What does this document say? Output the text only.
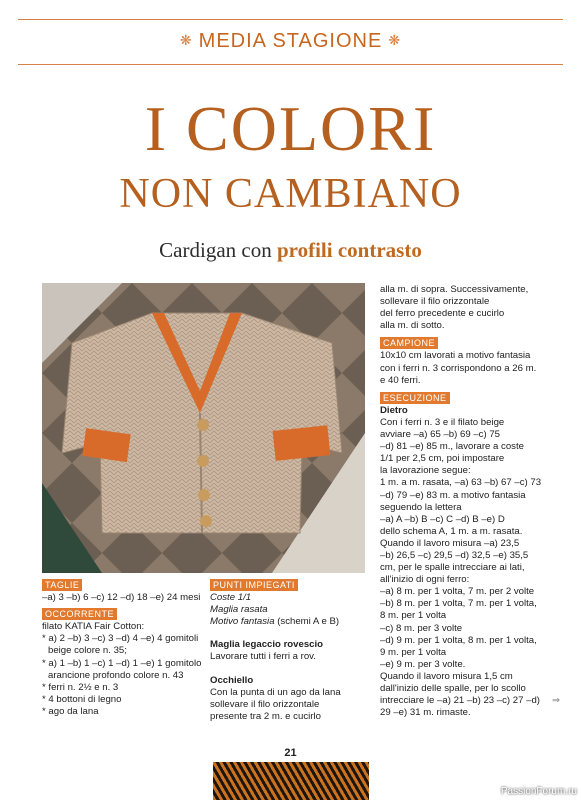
❋ MEDIA STAGIONE ❋
I COLORI
NON CAMBIANO
Cardigan con profili contrasto
TAGLIE

–a) 3 –b) 6 –c) 12 –d) 18 –e) 24 mesi

OCCORRENTE

filato KATIA Fair Cotton:

* a) 2 –b) 3 –c) 3 –d) 4 –e) 4 gomitoli

beige colore n. 35;

* a) 1 –b) 1 –c) 1 –d) 1 –e) 1 gomitolo

arancione profondo colore n. 43

* ferri n. 2½ e n. 3

* 4 bottoni di legno

* ago da lana

PUNTI IMPIEGATI

Coste 1/1

Maglia rasata

Motivo fantasia (schemi A e B)

Maglia legaccio rovescio

Lavorare tutti i ferri a rov.

Occhiello

Con la punta di un ago da lana

sollevare il filo orizzontale

presente tra 2 m. e cucirlo

alla m. di sopra. Successivamente,

sollevare il filo orizzontale

del ferro precedente e cucirlo

alla m. di sotto.

CAMPIONE

10x10 cm lavorati a motivo fantasia

con i ferri n. 3 corrispondono a 26 m.

e 40 ferri.

ESECUZIONE

Dietro

Con i ferri n. 3 e il filato beige

avviare –a) 65 –b) 69 –c) 75

–d) 81 –e) 85 m., lavorare a coste

1/1 per 2,5 cm, poi impostare

la lavorazione segue:

1 m. a m. rasata, –a) 63 –b) 67 –c) 73

–d) 79 –e) 83 m. a motivo fantasia

seguendo la lettera

–a) A –b) B –c) C –d) B –e) D

dello schema A, 1 m. a m. rasata.

Quando il lavoro misura –a) 23,5

–b) 26,5 –c) 29,5 –d) 32,5 –e) 35,5

cm, per le spalle intrecciare ai lati,

all'inizio di ogni ferro:

–a) 8 m. per 1 volta, 7 m. per 2 volte

–b) 8 m. per 1 volta, 7 m. per 1 volta,

8 m. per 1 volta

–c) 8 m. per 3 volte

–d) 9 m. per 1 volta, 8 m. per 1 volta,

9 m. per 1 volta

–e) 9 m. per 3 volte.

Quando il lavoro misura 1,5 cm

dall'inizio delle spalle, per lo scollo

intrecciare le –a) 21 –b) 23 –c) 27 –d) ⇒

29 –e) 31 m. rimaste.

21
PassionForum.ru
